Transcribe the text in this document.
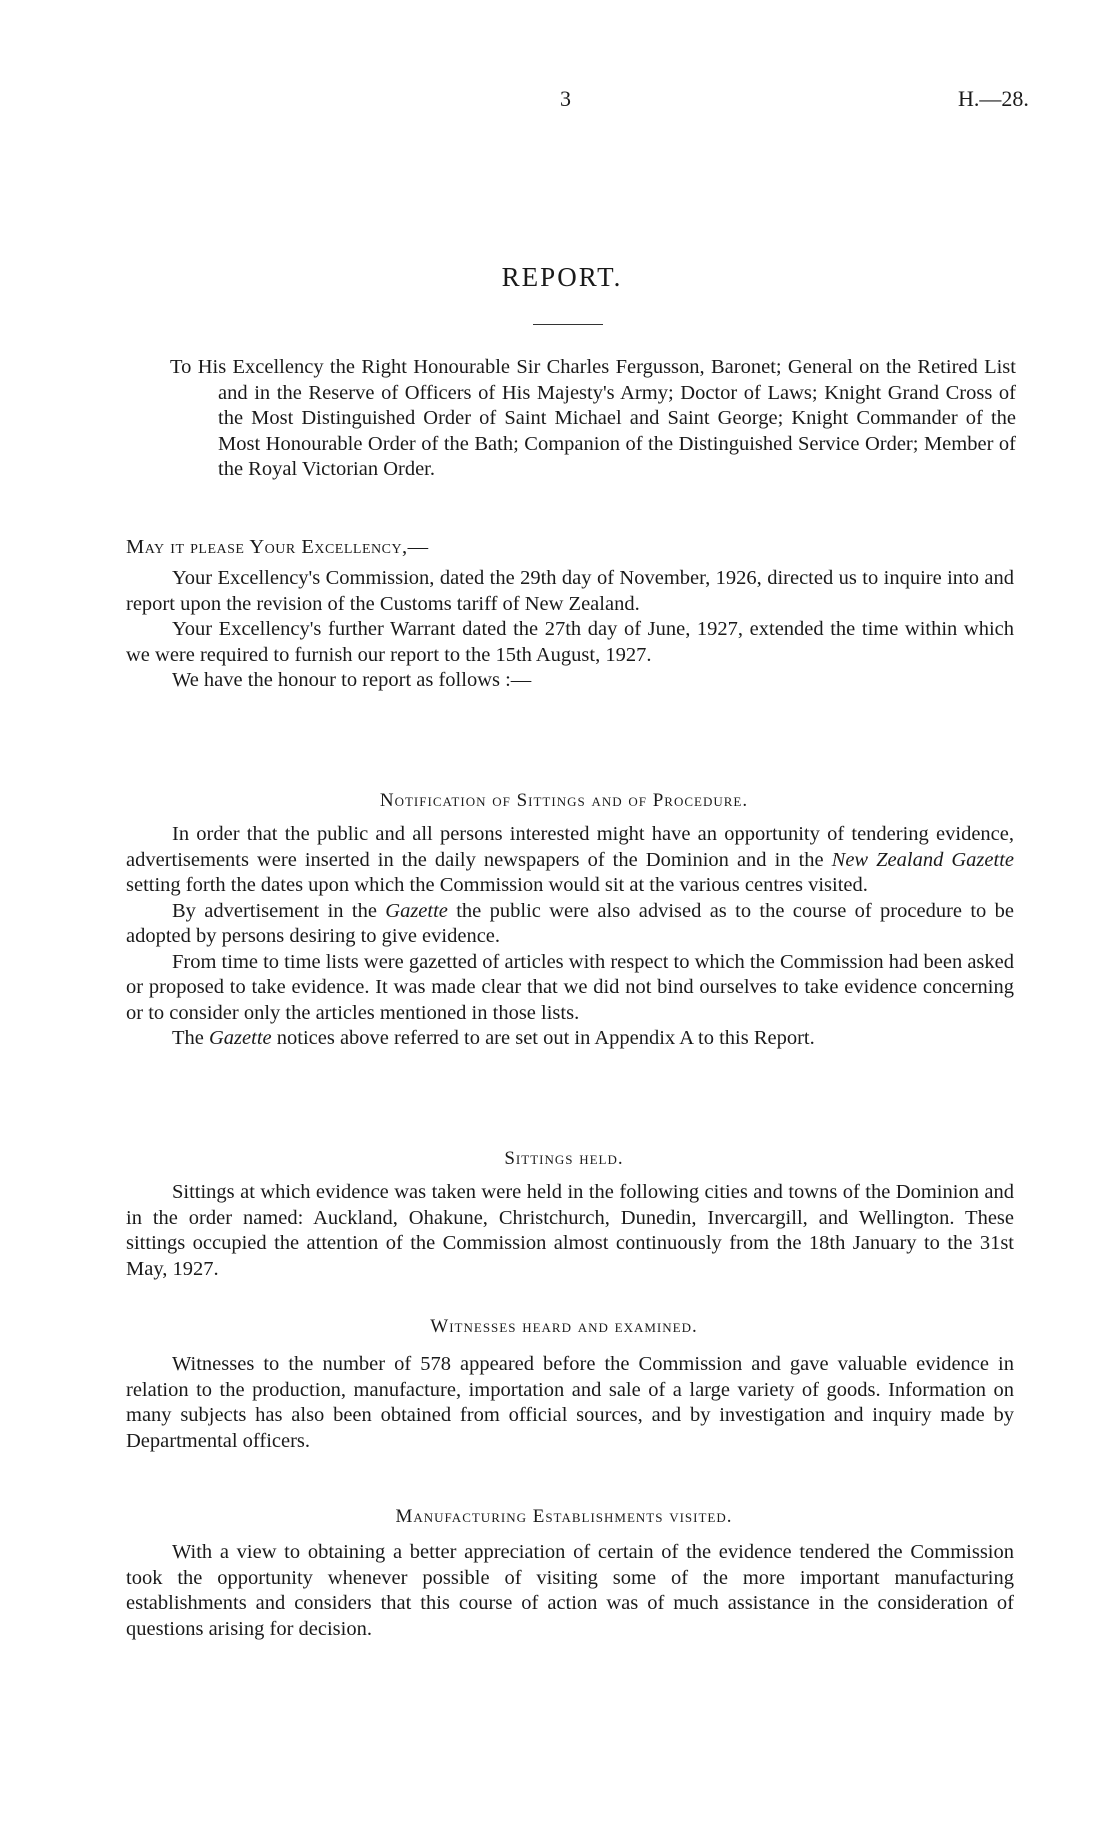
3	H.—28.
REPORT.
To His Excellency the Right Honourable Sir Charles Fergusson, Baronet; General on the Retired List and in the Reserve of Officers of His Majesty's Army; Doctor of Laws; Knight Grand Cross of the Most Distinguished Order of Saint Michael and Saint George; Knight Commander of the Most Honourable Order of the Bath; Companion of the Distinguished Service Order; Member of the Royal Victorian Order.
May it please Your Excellency,—

Your Excellency's Commission, dated the 29th day of November, 1926, directed us to inquire into and report upon the revision of the Customs tariff of New Zealand.

Your Excellency's further Warrant dated the 27th day of June, 1927, extended the time within which we were required to furnish our report to the 15th August, 1927.

We have the honour to report as follows :—

Notification of Sittings and of Procedure.

In order that the public and all persons interested might have an opportunity of tendering evidence, advertisements were inserted in the daily newspapers of the Dominion and in the New Zealand Gazette setting forth the dates upon which the Commission would sit at the various centres visited.

By advertisement in the Gazette the public were also advised as to the course of procedure to be adopted by persons desiring to give evidence.

From time to time lists were gazetted of articles with respect to which the Commission had been asked or proposed to take evidence. It was made clear that we did not bind ourselves to take evidence concerning or to consider only the articles mentioned in those lists.

The Gazette notices above referred to are set out in Appendix A to this Report.

Sittings held.

Sittings at which evidence was taken were held in the following cities and towns of the Dominion and in the order named: Auckland, Ohakune, Christchurch, Dunedin, Invercargill, and Wellington. These sittings occupied the attention of the Commission almost continuously from the 18th January to the 31st May, 1927.

Witnesses heard and examined.

Witnesses to the number of 578 appeared before the Commission and gave valuable evidence in relation to the production, manufacture, importation and sale of a large variety of goods. Information on many subjects has also been obtained from official sources, and by investigation and inquiry made by Departmental officers.

Manufacturing Establishments visited.

With a view to obtaining a better appreciation of certain of the evidence tendered the Commission took the opportunity whenever possible of visiting some of the more important manufacturing establishments and considers that this course of action was of much assistance in the consideration of questions arising for decision.
